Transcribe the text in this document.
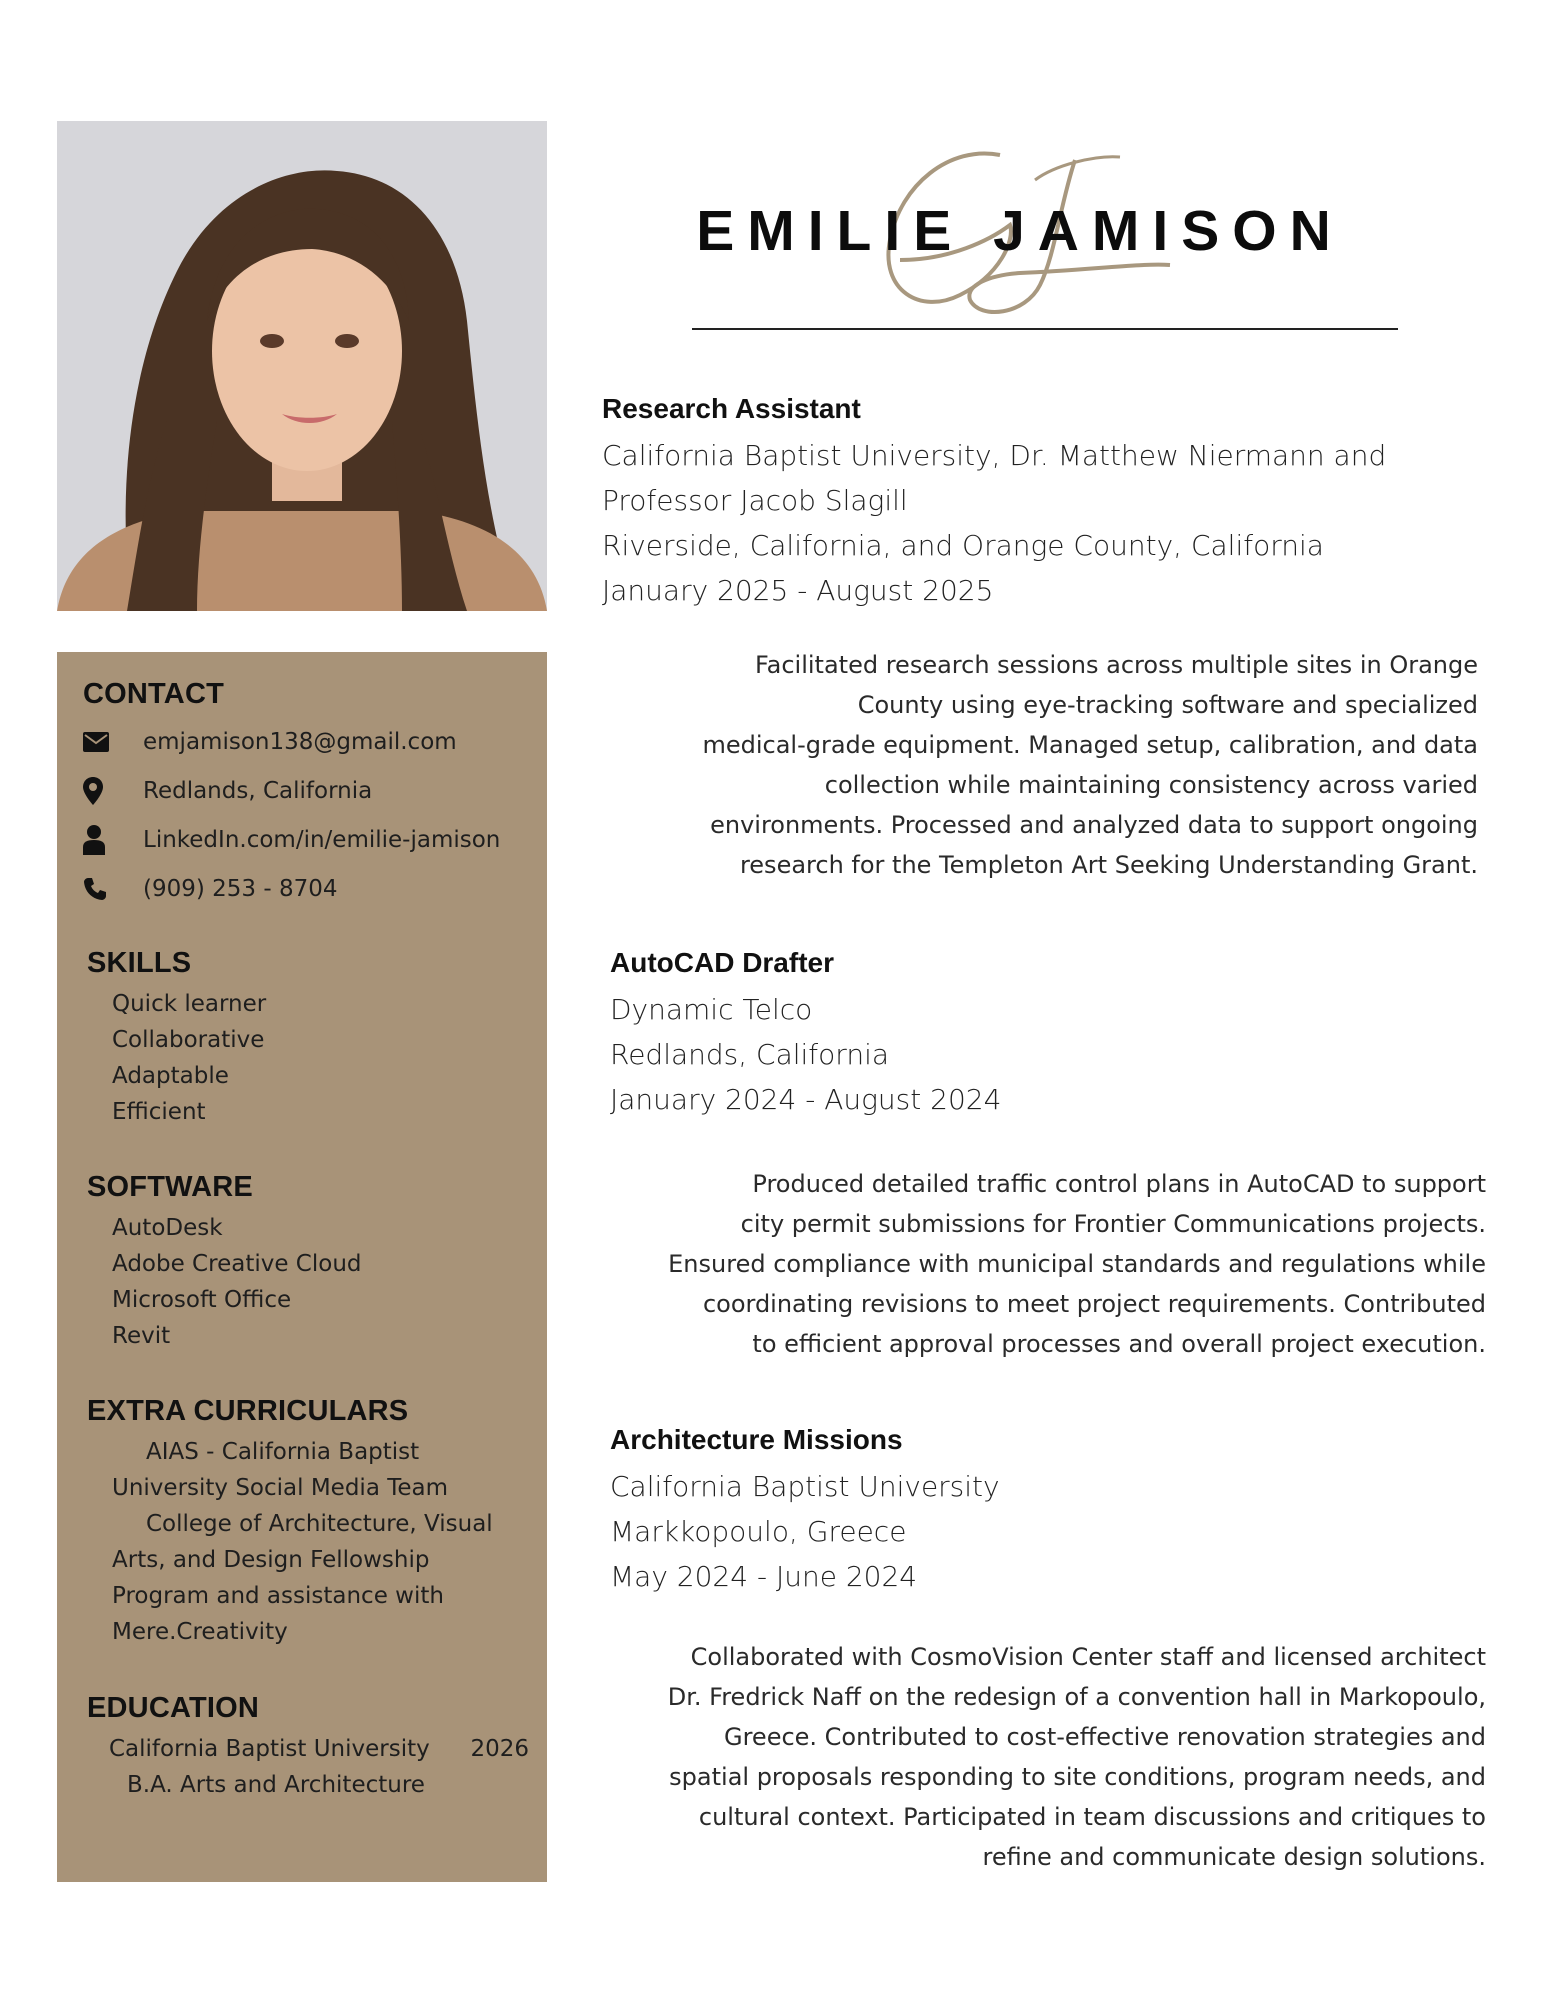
CONTACT
emjamison138@gmail.com
Redlands, California
LinkedIn.com/in/emilie-jamison
(909) 253 - 8704
SKILLS
Quick learner
Collaborative
Adaptable
Efficient
SOFTWARE
AutoDesk
Adobe Creative Cloud
Microsoft Office
Revit
EXTRA CURRICULARS
AIAS - California Baptist
University Social Media Team
College of Architecture, Visual
Arts, and Design Fellowship
Program and assistance with
Mere.Creativity
EDUCATION
California Baptist University 2026
B.A. Arts and Architecture
EMILIE JAMISON
Research Assistant
California Baptist University, Dr. Matthew Niermann and
Professor Jacob Slagill
Riverside, California, and Orange County, California
January 2025 - August 2025
Facilitated research sessions across multiple sites in Orange
County using eye-tracking software and specialized
medical-grade equipment. Managed setup, calibration, and data
collection while maintaining consistency across varied
environments. Processed and analyzed data to support ongoing
research for the Templeton Art Seeking Understanding Grant.
AutoCAD Drafter
Dynamic Telco
Redlands, California
January 2024 - August 2024
Produced detailed traffic control plans in AutoCAD to support
city permit submissions for Frontier Communications projects.
Ensured compliance with municipal standards and regulations while
coordinating revisions to meet project requirements. Contributed
to efficient approval processes and overall project execution.
Architecture Missions
California Baptist University
Markkopoulo, Greece
May 2024 - June 2024
Collaborated with CosmoVision Center staff and licensed architect
Dr. Fredrick Naff on the redesign of a convention hall in Markopoulo,
Greece. Contributed to cost-effective renovation strategies and
spatial proposals responding to site conditions, program needs, and
cultural context. Participated in team discussions and critiques to
refine and communicate design solutions.
